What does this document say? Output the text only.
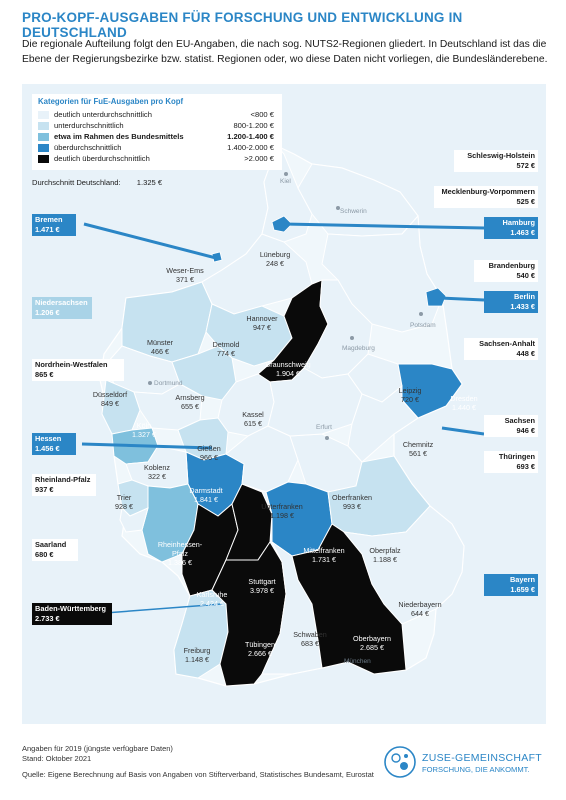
PRO-KOPF-AUSGABEN FÜR FORSCHUNG UND ENTWICKLUNG IN DEUTSCHLAND
Die regionale Aufteilung folgt den EU-Angaben, die nach sog. NUTS2-Regionen gliedert. In Deutschland ist das die Ebene der Regierungsbezirke bzw. statist. Regionen oder, wo diese Daten nicht vorliegen, die Bundesländerebene.
Kategorien für FuE-Ausgaben pro Kopf
deutlich unterdurchschnittlich	<800 €
unterdurchschnittlich	800-1.200 €
etwa im Rahmen des Bundesmittels	1.200-1.400 €
überdurchschnittlich	1.400-2.000 €
deutlich überdurchschnittlich	>2.000 €
Durchschnitt Deutschland: 1.325 €	Kiel
Schwerin
Potsdam
Magdeburg
Dortmund
Erfurt
München
Weser-Ems
371 €
Lüneburg
248 €
Hannover
947 €
Braunschweig
1.904 €
Münster
466 €
Detmold
774 €
Düsseldorf
849 €
Arnsberg
655 €
Köln
1.327 €
Kassel
615 €
Gießen
966 €
Koblenz
322 €
Trier
928 €
Darmstadt
1.841 €
Unterfranken
1.198 €
Oberfranken
993 €
Rheinhessen-
Pfalz
1.386 €
Mittelfranken
1.731 €
Oberpfalz
1.188 €
Karlsruhe
2.424 €
Stuttgart
3.978 €
Niederbayern
644 €
Tübingen
2.666 €
Schwaben
683 €
Oberbayern
2.685 €
Freiburg
1.148 €
Leipzig
720 €	Dresden
1.440 €
Chemnitz
561 €
Schleswig-Holstein
572 €
Mecklenburg-Vorpommern
525 €
Hamburg
1.463 €
Brandenburg
540 €
Berlin
1.433 €
Sachsen-Anhalt
448 €
Sachsen
946 €
Thüringen
693 €
Bayern
1.659 €
Bremen
1.471 €
Niedersachsen
1.206 €
Nordrhein-Westfalen
865 €
Hessen
1.456 €
Rheinland-Pfalz
937 €
Saarland
680 €
Baden-Württemberg
2.733 €
Angaben für 2019 (jüngste verfügbare Daten)
Stand: Oktober 2021
Quelle: Eigene Berechnung auf Basis von Angaben von Stifterverband, Statistisches Bundesamt, Eurostat
ZUSE-GEMEINSCHAFT
FORSCHUNG, DIE ANKOMMT.
